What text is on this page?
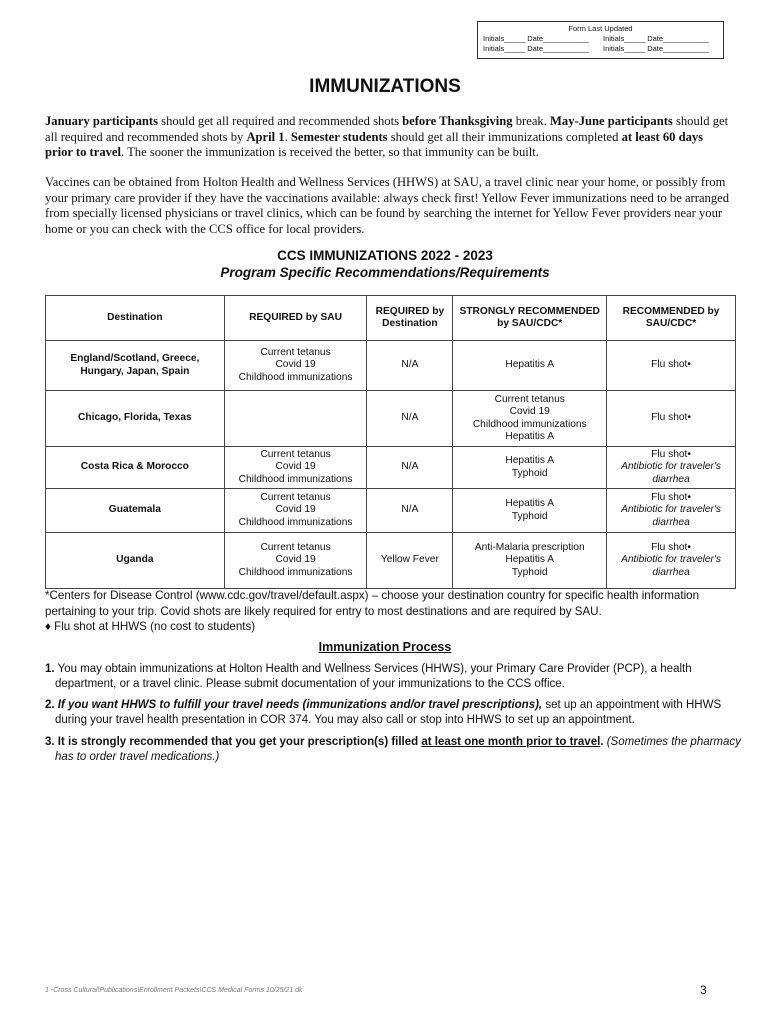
Form Last Updated
Initials_____ Date___________	Initials_____ Date___________
Initials_____ Date___________	Initials_____ Date___________
IMMUNIZATIONS
January participants should get all required and recommended shots before Thanksgiving break. May-June participants should get all required and recommended shots by April 1. Semester students should get all their immunizations completed at least 60 days prior to travel. The sooner the immunization is received the better, so that immunity can be built.
Vaccines can be obtained from Holton Health and Wellness Services (HHWS) at SAU, a travel clinic near your home, or possibly from your primary care provider if they have the vaccinations available: always check first! Yellow Fever immunizations need to be arranged from specially licensed physicians or travel clinics, which can be found by searching the internet for Yellow Fever providers near your home or you can check with the CCS office for local providers.
CCS IMMUNIZATIONS 2022 - 2023
Program Specific Recommendations/Requirements
Destination	REQUIRED by SAU	REQUIRED by Destination	STRONGLY RECOMMENDED by SAU/CDC*	RECOMMENDED by SAU/CDC*
England/Scotland, Greece, Hungary, Japan, Spain	Current tetanus
Covid 19
Childhood immunizations	N/A	Hepatitis A	Flu shot•

Chicago, Florida, Texas		N/A	Current tetanus
Covid 19
Childhood immunizations
Hepatitis A	Flu shot•

Costa Rica & Morocco	Current tetanus
Covid 19
Childhood immunizations	N/A	Hepatitis A
Typhoid	Flu shot•
Antibiotic for traveler's
diarrhea

Guatemala	Current tetanus
Covid 19
Childhood immunizations	N/A	Hepatitis A
Typhoid	Flu shot•
Antibiotic for traveler's
diarrhea

Uganda	Current tetanus
Covid 19
Childhood immunizations	Yellow Fever	Anti-Malaria prescription
Hepatitis A
Typhoid	Flu shot•
Antibiotic for traveler's
diarrhea
*Centers for Disease Control (www.cdc.gov/travel/default.aspx) – choose your destination country for specific health information pertaining to your trip. Covid shots are likely required for entry to most destinations and are required by SAU.
♦ Flu shot at HHWS (no cost to students)
Immunization Process
1. You may obtain immunizations at Holton Health and Wellness Services (HHWS), your Primary Care Provider (PCP), a health department, or a travel clinic. Please submit documentation of your immunizations to the CCS office.
2. If you want HHWS to fulfill your travel needs (immunizations and/or travel prescriptions), set up an appointment with HHWS during your travel health presentation in COR 374. You may also call or stop into HHWS to set up an appointment.
3. It is strongly recommended that you get your prescription(s) filled at least one month prior to travel. (Sometimes the pharmacy has to order travel medications.)
1 -Cross Cultural\Publications\Enrollment Packets\CCS Medical Forms 10/25/21 dk	3
